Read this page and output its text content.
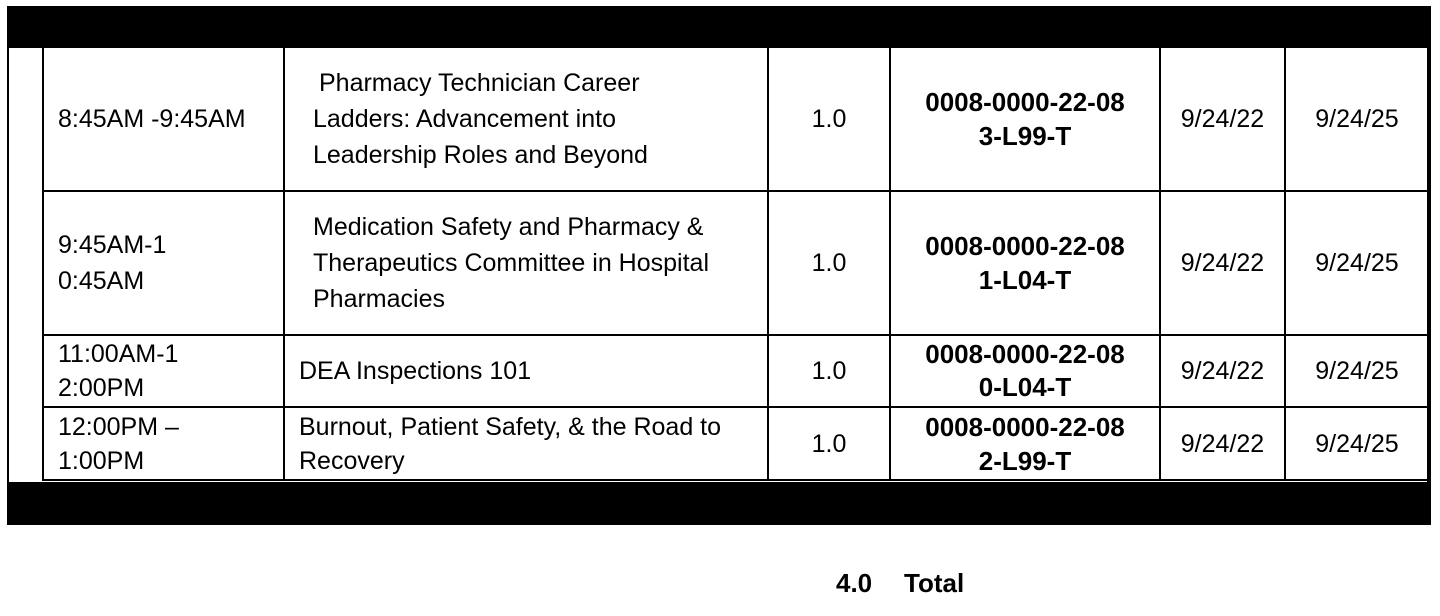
8:45AM -9:45AM	Pharmacy Technician Career
Ladders: Advancement into Leadership Roles and Beyond	1.0	0008-0000-22-083-L99-T	9/24/22	9/24/25

9:45AM-10:45AM	Medication Safety and Pharmacy & Therapeutics Committee in Hospital Pharmacies	1.0	0008-0000-22-081-L04-T	9/24/22	9/24/25

11:00AM-12:00PM	DEA Inspections 101	1.0	0008-0000-22-080-L04-T	9/24/22	9/24/25

12:00PM – 1:00PM	Burnout, Patient Safety, & the Road to Recovery	1.0	0008-0000-22-082-L99-T	9/24/22	9/24/25
4.0 Total
